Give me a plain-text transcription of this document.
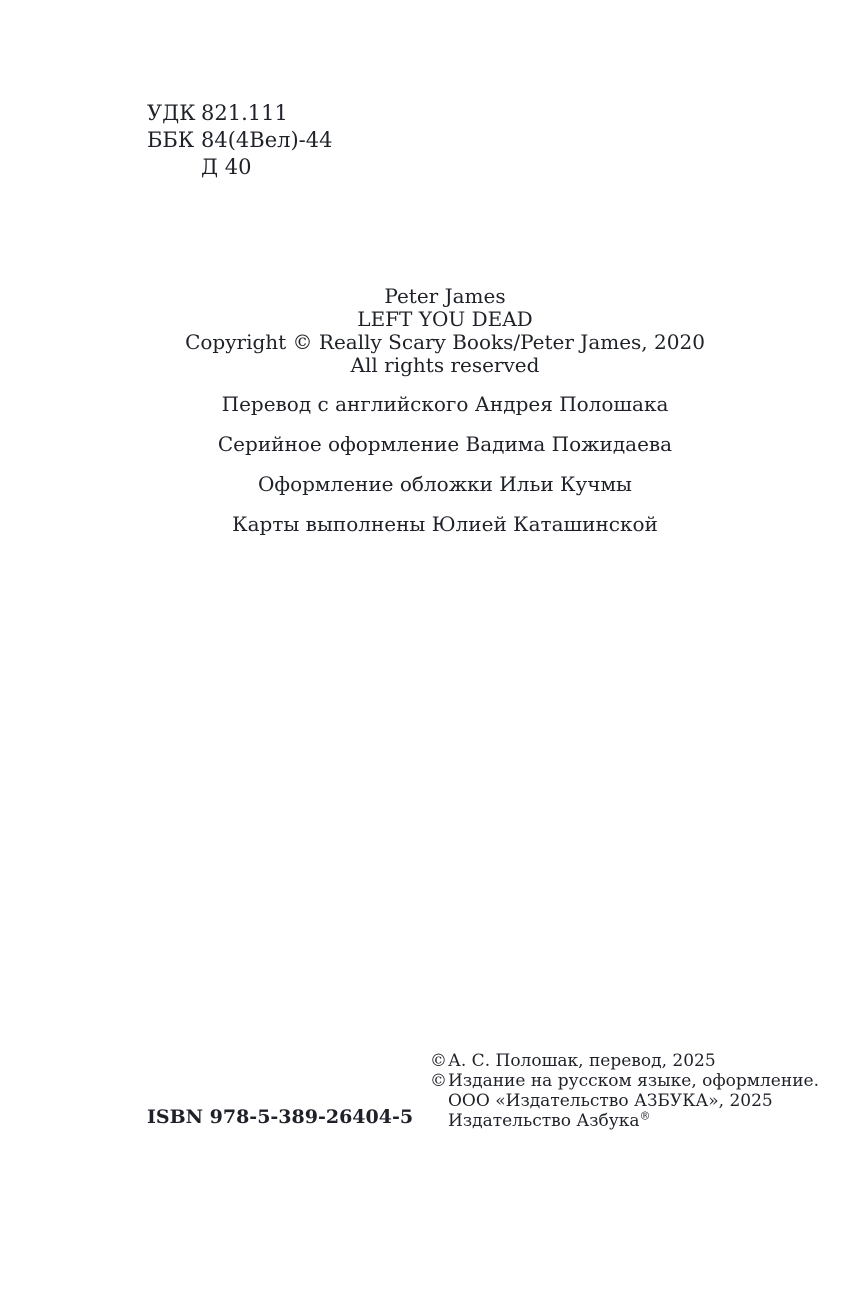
УДК 821.111
ББК 84(4Вел)-44
Д 40
Peter James
LEFT YOU DEAD
Copyright © Really Scary Books/Peter James, 2020
All rights reserved
Перевод с английского Андрея Полошака
Серийное оформление Вадима Пожидаева
Оформление обложки Ильи Кучмы
Карты выполнены Юлией Каташинской
ISBN 978-5-389-26404-5
© А. С. Полошак, перевод, 2025
© Издание на русском языке, оформление.
ООО «Издательство АЗБУКА», 2025
Издательство Азбука®
